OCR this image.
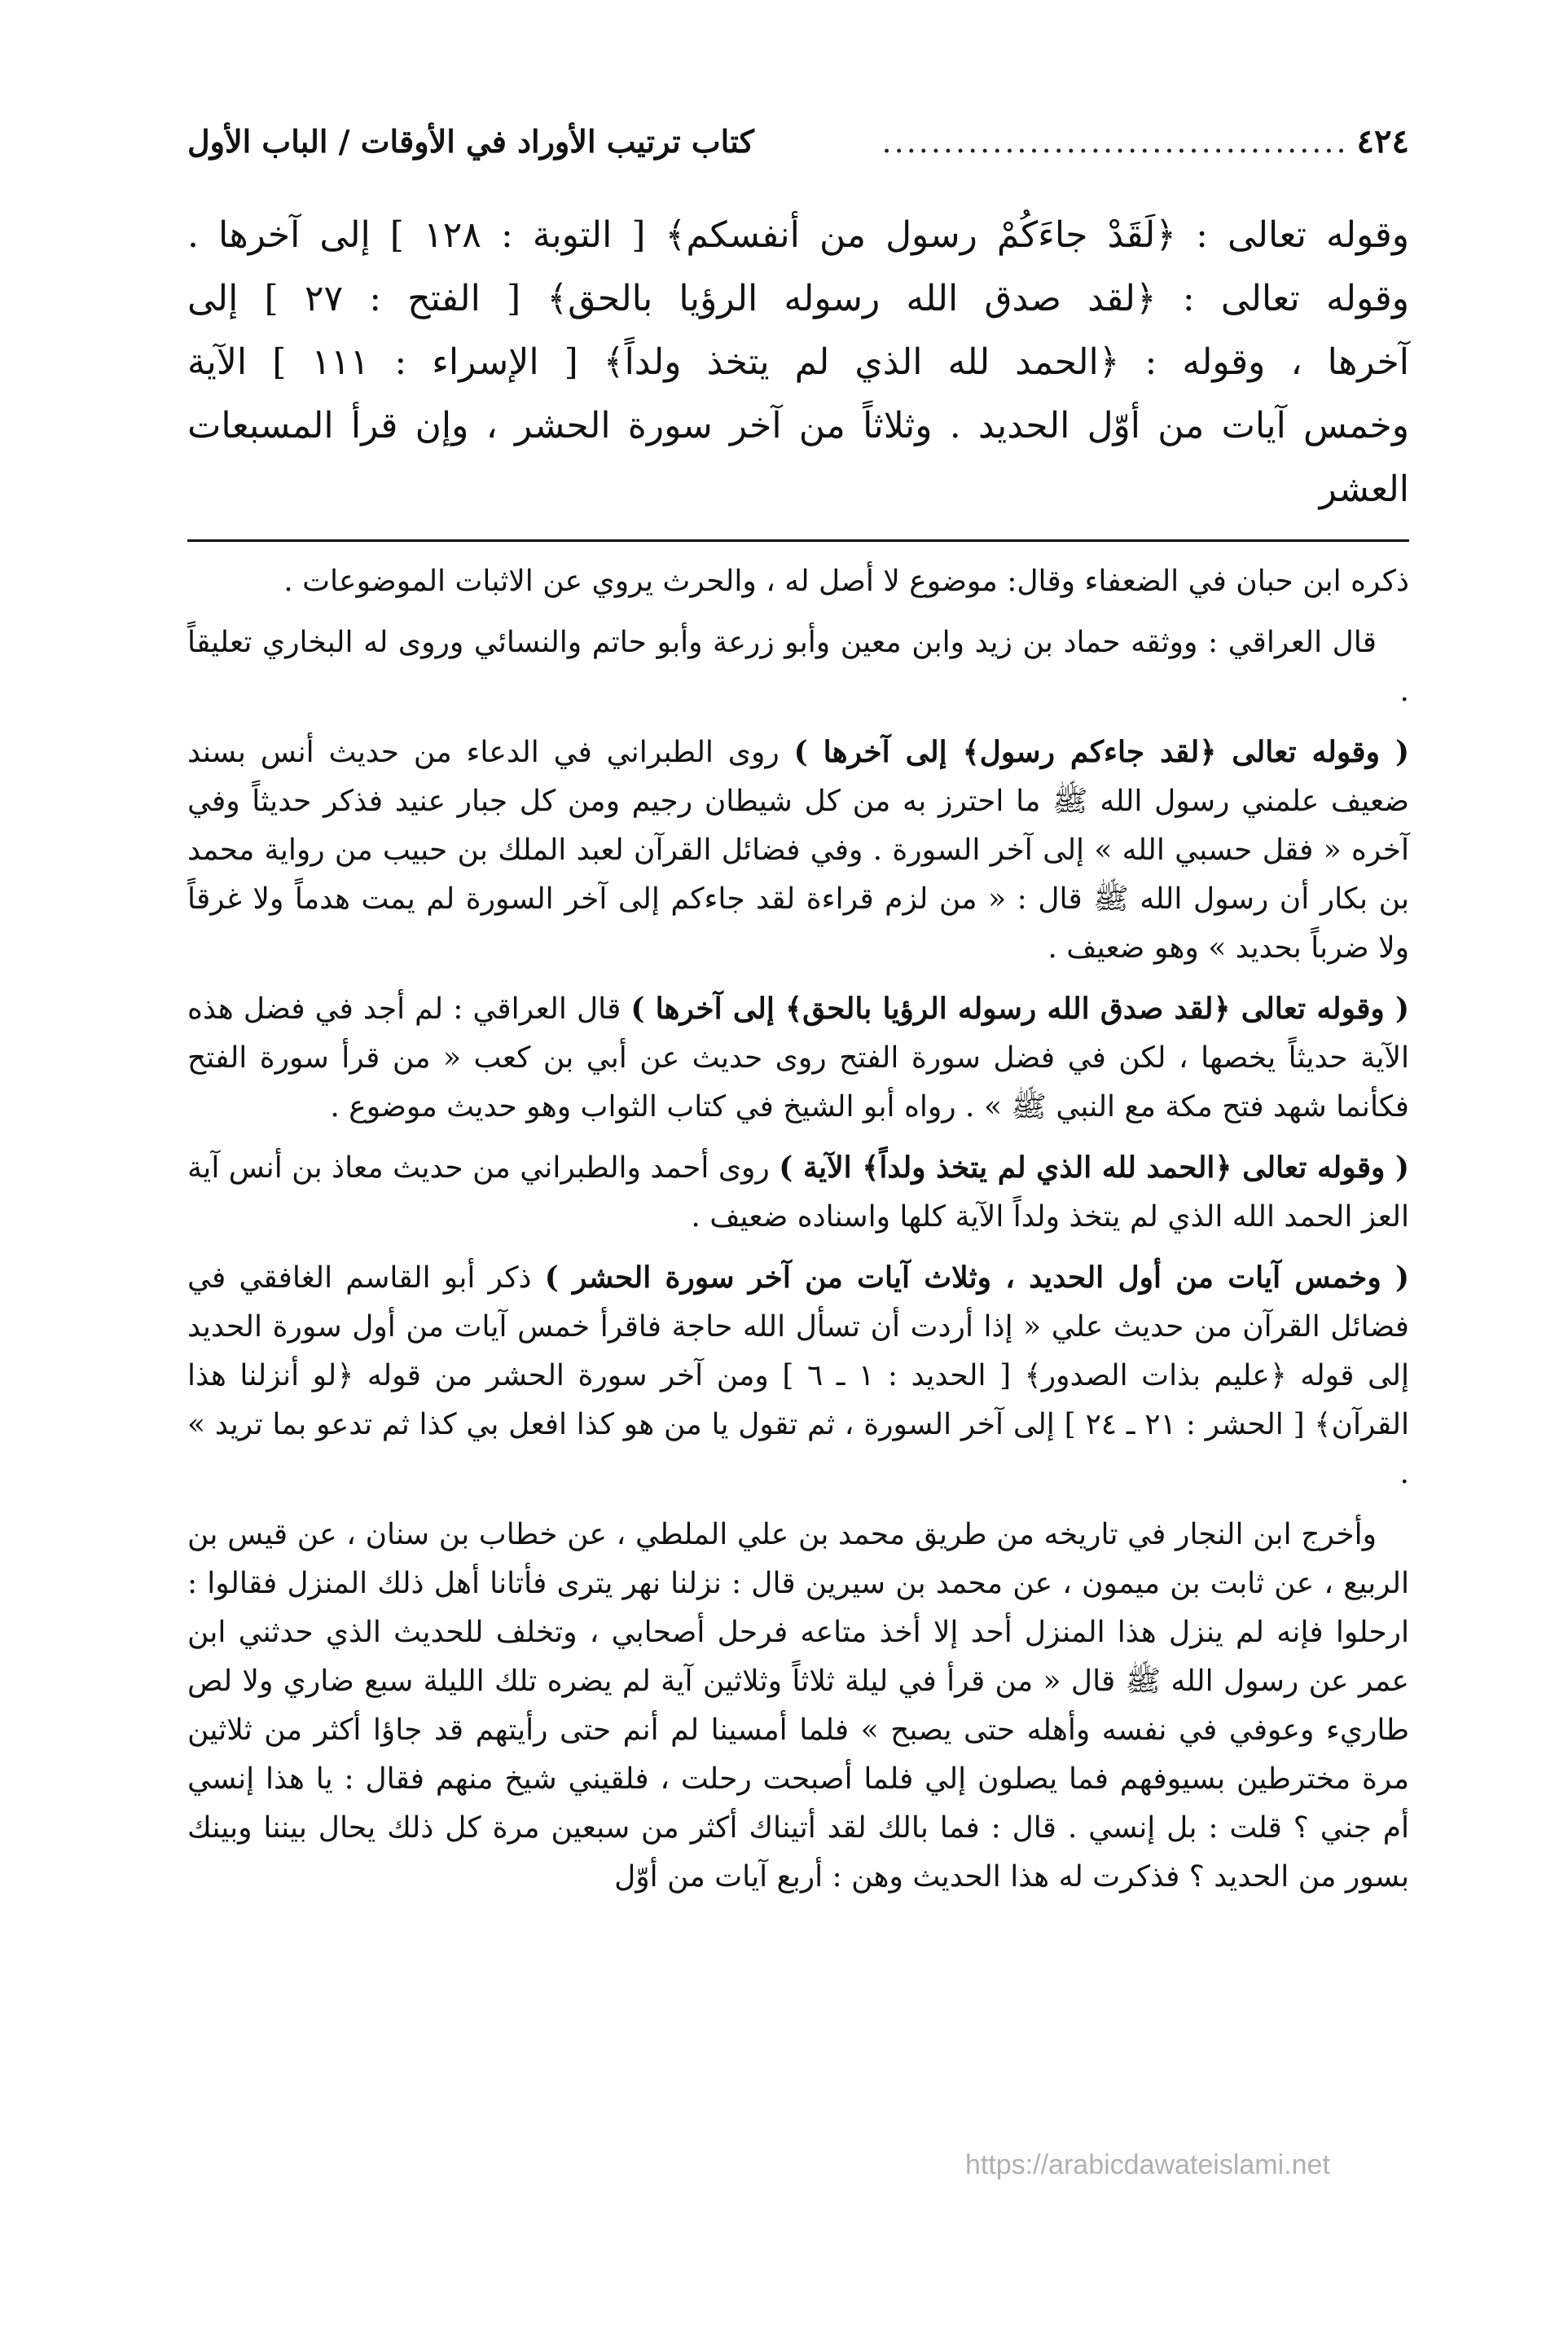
٤٢٤
......................................
كتاب ترتيب الأوراد في الأوقات / الباب الأول

وقوله تعالى : ﴿لَقَدْ جاءَكُمْ رسول من أنفسكم﴾ [ التوبة : ١٢٨ ] إلى آخرها .

وقوله تعالى : ﴿لقد صدق الله رسوله الرؤيا بالحق﴾ [ الفتح : ٢٧ ] إلى

آخرها ، وقوله : ﴿الحمد لله الذي لم يتخذ ولداً﴾ [ الإسراء : ١١١ ] الآية

وخمس آيات من أوّل الحديد . وثلاثاً من آخر سورة الحشر ، وإن قرأ المسبعات العشر

ذكره ابن حبان في الضعفاء وقال: موضوع لا أصل له ، والحرث يروي عن الاثبات الموضوعات .

قال العراقي : ووثقه حماد بن زيد وابن معين وأبو زرعة وأبو حاتم والنسائي وروى له البخاري تعليقاً .

( وقوله تعالى ﴿لقد جاءكم رسول﴾ إلى آخرها ) روى الطبراني في الدعاء من حديث أنس بسند ضعيف علمني رسول الله ﷺ ما احترز به من كل شيطان رجيم ومن كل جبار عنيد فذكر حديثاً وفي آخره « فقل حسبي الله » إلى آخر السورة . وفي فضائل القرآن لعبد الملك بن حبيب من رواية محمد بن بكار أن رسول الله ﷺ قال : « من لزم قراءة لقد جاءكم إلى آخر السورة لم يمت هدماً ولا غرقاً ولا ضرباً بحديد » وهو ضعيف .

( وقوله تعالى ﴿لقد صدق الله رسوله الرؤيا بالحق﴾ إلى آخرها ) قال العراقي : لم أجد في فضل هذه الآية حديثاً يخصها ، لكن في فضل سورة الفتح روى حديث عن أبي بن كعب « من قرأ سورة الفتح فكأنما شهد فتح مكة مع النبي ﷺ » . رواه أبو الشيخ في كتاب الثواب وهو حديث موضوع .

( وقوله تعالى ﴿الحمد لله الذي لم يتخذ ولداً﴾ الآية ) روى أحمد والطبراني من حديث معاذ بن أنس آية العز الحمد الله الذي لم يتخذ ولداً الآية كلها واسناده ضعيف .

( وخمس آيات من أول الحديد ، وثلاث آيات من آخر سورة الحشر ) ذكر أبو القاسم الغافقي في فضائل القرآن من حديث علي « إذا أردت أن تسأل الله حاجة فاقرأ خمس آيات من أول سورة الحديد إلى قوله ﴿عليم بذات الصدور﴾ [ الحديد : ١ ـ ٦ ] ومن آخر سورة الحشر من قوله ﴿لو أنزلنا هذا القرآن﴾ [ الحشر : ٢١ ـ ٢٤ ] إلى آخر السورة ، ثم تقول يا من هو كذا افعل بي كذا ثم تدعو بما تريد » .

وأخرج ابن النجار في تاريخه من طريق محمد بن علي الملطي ، عن خطاب بن سنان ، عن قيس بن الربيع ، عن ثابت بن ميمون ، عن محمد بن سيرين قال : نزلنا نهر يترى فأتانا أهل ذلك المنزل فقالوا : ارحلوا فإنه لم ينزل هذا المنزل أحد إلا أخذ متاعه فرحل أصحابي ، وتخلف للحديث الذي حدثني ابن عمر عن رسول الله ﷺ قال « من قرأ في ليلة ثلاثاً وثلاثين آية لم يضره تلك الليلة سبع ضاري ولا لص طاريء وعوفي في نفسه وأهله حتى يصبح » فلما أمسينا لم أنم حتى رأيتهم قد جاؤا أكثر من ثلاثين مرة مخترطين بسيوفهم فما يصلون إلي فلما أصبحت رحلت ، فلقيني شيخ منهم فقال : يا هذا إنسي أم جني ؟ قلت : بل إنسي . قال : فما بالك لقد أتيناك أكثر من سبعين مرة كل ذلك يحال بيننا وبينك بسور من الحديد ؟ فذكرت له هذا الحديث وهن : أربع آيات من أوّل

https://arabicdawateislami.net
